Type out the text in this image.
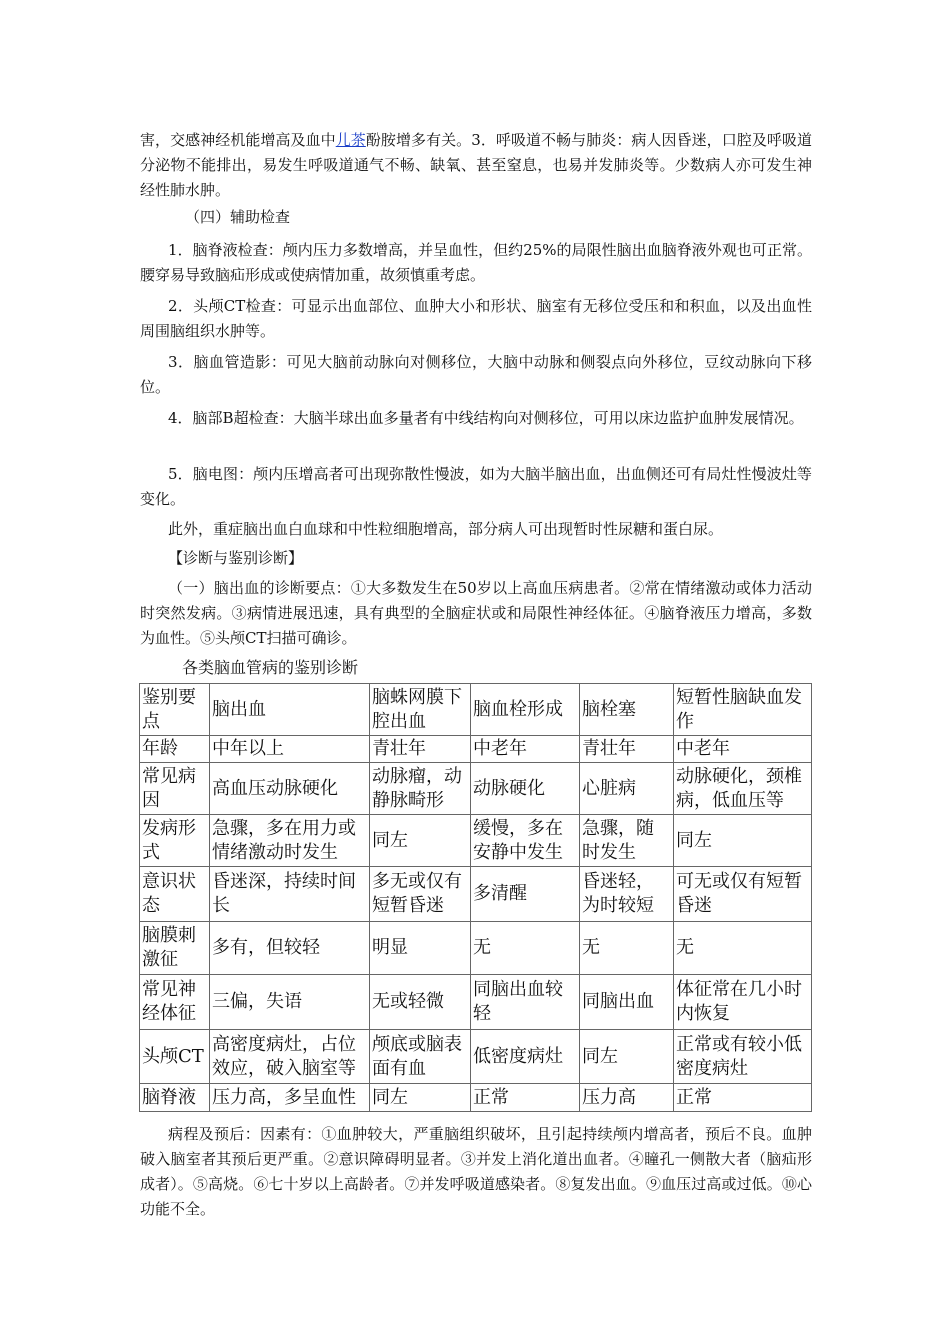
害，交感神经机能增高及血中儿茶酚胺增多有关。3．呼吸道不畅与肺炎：病人因昏迷，口腔及呼吸道分泌物不能排出，易发生呼吸道通气不畅、缺氧、甚至窒息，也易并发肺炎等。少数病人亦可发生神经性肺水肿。

（四）辅助检查

1．脑脊液检查：颅内压力多数增高，并呈血性，但约25%的局限性脑出血脑脊液外观也可正常。腰穿易导致脑疝形成或使病情加重，故须慎重考虑。

2．头颅CT检查：可显示出血部位、血肿大小和形状、脑室有无移位受压和和积血，以及出血性周围脑组织水肿等。

3．脑血管造影：可见大脑前动脉向对侧移位，大脑中动脉和侧裂点向外移位，豆纹动脉向下移位。

4．脑部B超检查：大脑半球出血多量者有中线结构向对侧移位，可用以床边监护血肿发展情况。

5．脑电图：颅内压增高者可出现弥散性慢波，如为大脑半脑出血，出血侧还可有局灶性慢波灶等变化。

此外，重症脑出血白血球和中性粒细胞增高，部分病人可出现暂时性尿糖和蛋白尿。

【诊断与鉴别诊断】

（一）脑出血的诊断要点：①大多数发生在50岁以上高血压病患者。②常在情绪激动或体力活动时突然发病。③病情进展迅速，具有典型的全脑症状或和局限性神经体征。④脑脊液压力增高，多数为血性。⑤头颅CT扫描可确诊。

各类脑血管病的鉴别诊断

鉴别要点	脑出血	脑蛛网膜下腔出血	脑血栓形成	脑栓塞	短暂性脑缺血发作
年龄	中年以上	青壮年	中老年	青壮年	中老年
常见病因	高血压动脉硬化	动脉瘤，动静脉畸形	动脉硬化	心脏病	动脉硬化，颈椎病，低血压等
发病形式	急骤，多在用力或情绪激动时发生	同左	缓慢，多在安静中发生	急骤，随时发生	同左
意识状态	昏迷深，持续时间长	多无或仅有短暂昏迷	多清醒	昏迷轻，为时较短	可无或仅有短暂昏迷
脑膜刺激征	多有，但较轻	明显	无	无	无
常见神经体征	三偏，失语	无或轻微	同脑出血较轻	同脑出血	体征常在几小时内恢复
头颅CT	高密度病灶，占位效应，破入脑室等	颅底或脑表面有血	低密度病灶	同左	正常或有较小低密度病灶
脑脊液	压力高，多呈血性	同左	正常	压力高	正常

病程及预后：因素有：①血肿较大，严重脑组织破坏，且引起持续颅内增高者，预后不良。血肿破入脑室者其预后更严重。②意识障碍明显者。③并发上消化道出血者。④瞳孔一侧散大者（脑疝形成者）。⑤高烧。⑥七十岁以上高龄者。⑦并发呼吸道感染者。⑧复发出血。⑨血压过高或过低。⑩心功能不全。
